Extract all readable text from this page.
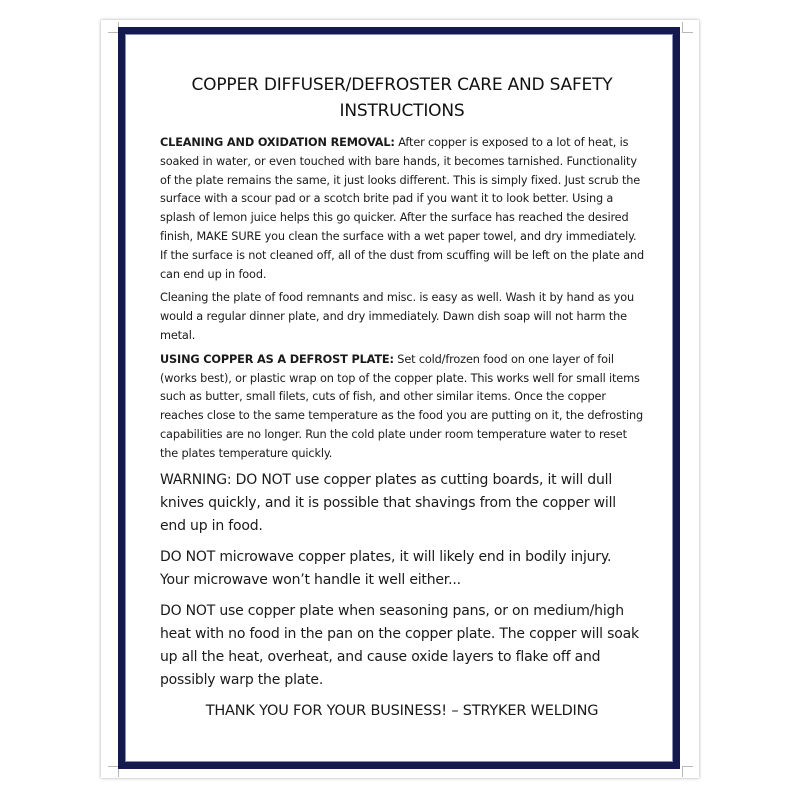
COPPER DIFFUSER/DEFROSTER CARE AND SAFETY INSTRUCTIONS

CLEANING AND OXIDATION REMOVAL: After copper is exposed to a lot of heat, is soaked in water, or even touched with bare hands, it becomes tarnished. Functionality of the plate remains the same, it just looks different. This is simply fixed. Just scrub the surface with a scour pad or a scotch brite pad if you want it to look better. Using a splash of lemon juice helps this go quicker. After the surface has reached the desired finish, MAKE SURE you clean the surface with a wet paper towel, and dry immediately. If the surface is not cleaned off, all of the dust from scuffing will be left on the plate and can end up in food.

Cleaning the plate of food remnants and misc. is easy as well. Wash it by hand as you would a regular dinner plate, and dry immediately. Dawn dish soap will not harm the metal.

USING COPPER AS A DEFROST PLATE: Set cold/frozen food on one layer of foil (works best), or plastic wrap on top of the copper plate. This works well for small items such as butter, small filets, cuts of fish, and other similar items. Once the copper reaches close to the same temperature as the food you are putting on it, the defrosting capabilities are no longer. Run the cold plate under room temperature water to reset the plates temperature quickly.

WARNING: DO NOT use copper plates as cutting boards, it will dull knives quickly, and it is possible that shavings from the copper will end up in food.

DO NOT microwave copper plates, it will likely end in bodily injury. Your microwave won’t handle it well either...

DO NOT use copper plate when seasoning pans, or on medium/high heat with no food in the pan on the copper plate. The copper will soak up all the heat, overheat, and cause oxide layers to flake off and possibly warp the plate.

THANK YOU FOR YOUR BUSINESS! – STRYKER WELDING
